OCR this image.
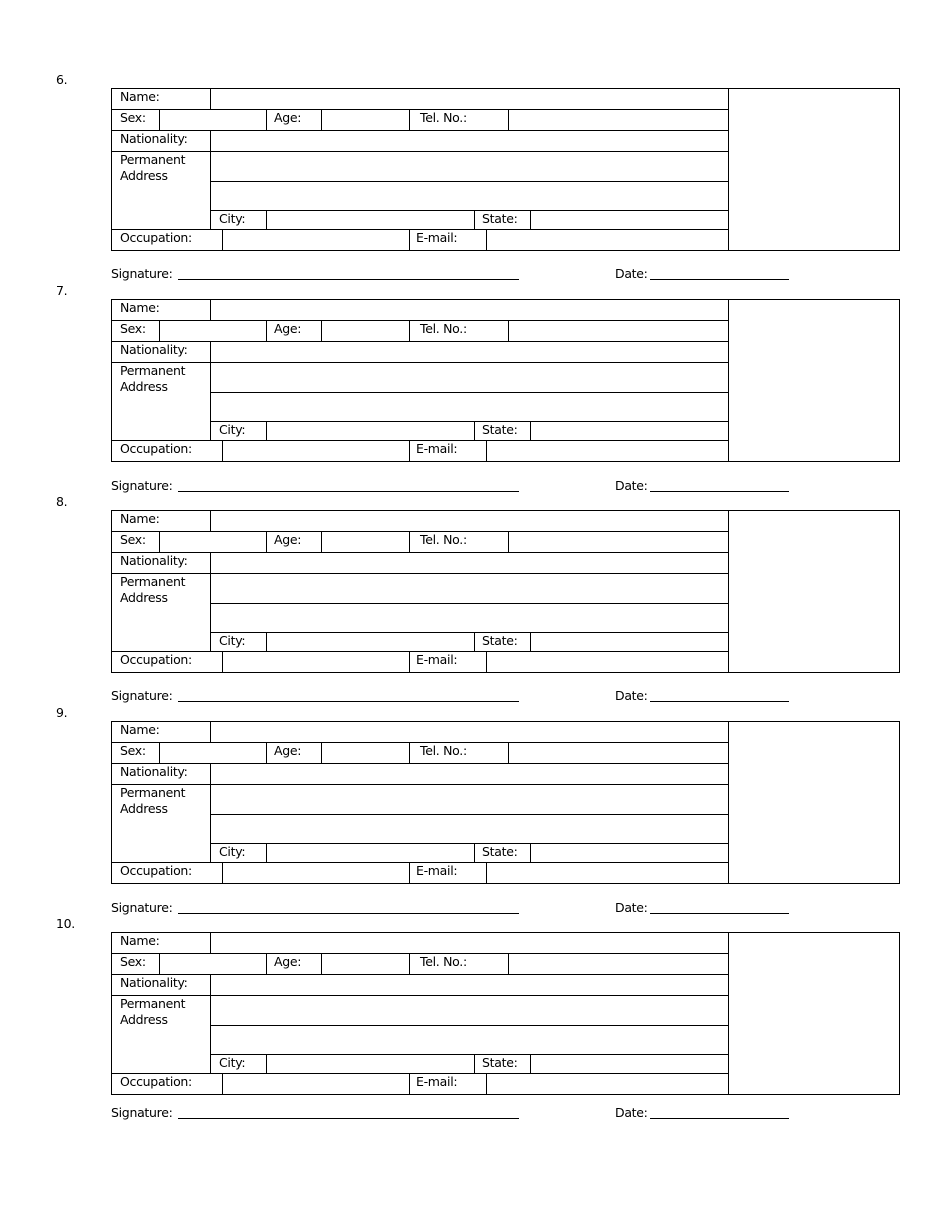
6.
Name:
Sex:	Age:	Tel. No.:
Nationality:
Permanent
Address
City:	State:
Occupation:	E-mail:
Signature:	Date:
7.
Name:
Sex:	Age:	Tel. No.:
Nationality:
Permanent
Address
City:	State:
Occupation:	E-mail:
Signature:	Date:
8.
Name:
Sex:	Age:	Tel. No.:
Nationality:
Permanent
Address
City:	State:
Occupation:	E-mail:
Signature:	Date:
9.
Name:
Sex:	Age:	Tel. No.:
Nationality:
Permanent
Address
City:	State:
Occupation:	E-mail:
Signature:	Date:
10.
Name:
Sex:	Age:	Tel. No.:
Nationality:
Permanent
Address
City:	State:
Occupation:	E-mail:
Signature:	Date:
